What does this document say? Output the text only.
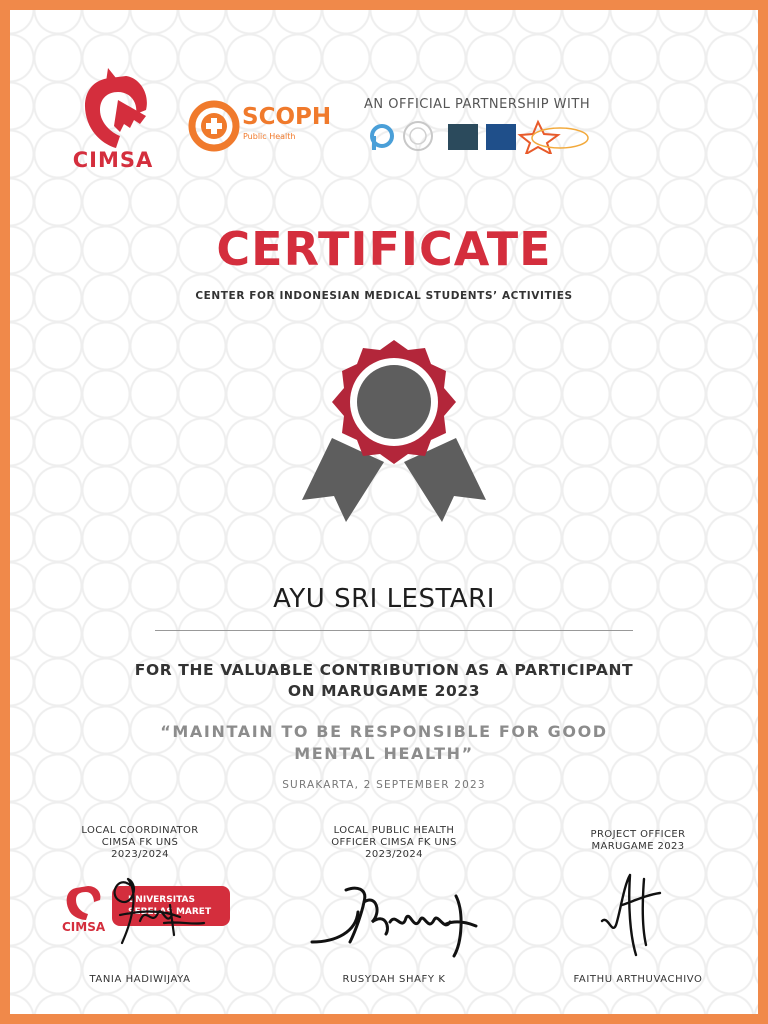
CIMSA
SCOPH
Public Health
AN OFFICIAL PARTNERSHIP WITH
CERTIFICATE
CENTER FOR INDONESIAN MEDICAL STUDENTS’ ACTIVITIES
AYU SRI LESTARI
FOR THE VALUABLE CONTRIBUTION AS A PARTICIPANT
ON MARUGAME 2023
“MAINTAIN TO BE RESPONSIBLE FOR GOOD
MENTAL HEALTH”
SURAKARTA, 2 SEPTEMBER 2023
LOCAL COORDINATOR
CIMSA FK UNS
2023/2024
UNIVERSITAS
SEBELAS MARET
CIMSA
TANIA HADIWIJAYA
LOCAL PUBLIC HEALTH
OFFICER CIMSA FK UNS
2023/2024
RUSYDAH SHAFY K
PROJECT OFFICER
MARUGAME 2023
FAITHU ARTHUVACHIVO
